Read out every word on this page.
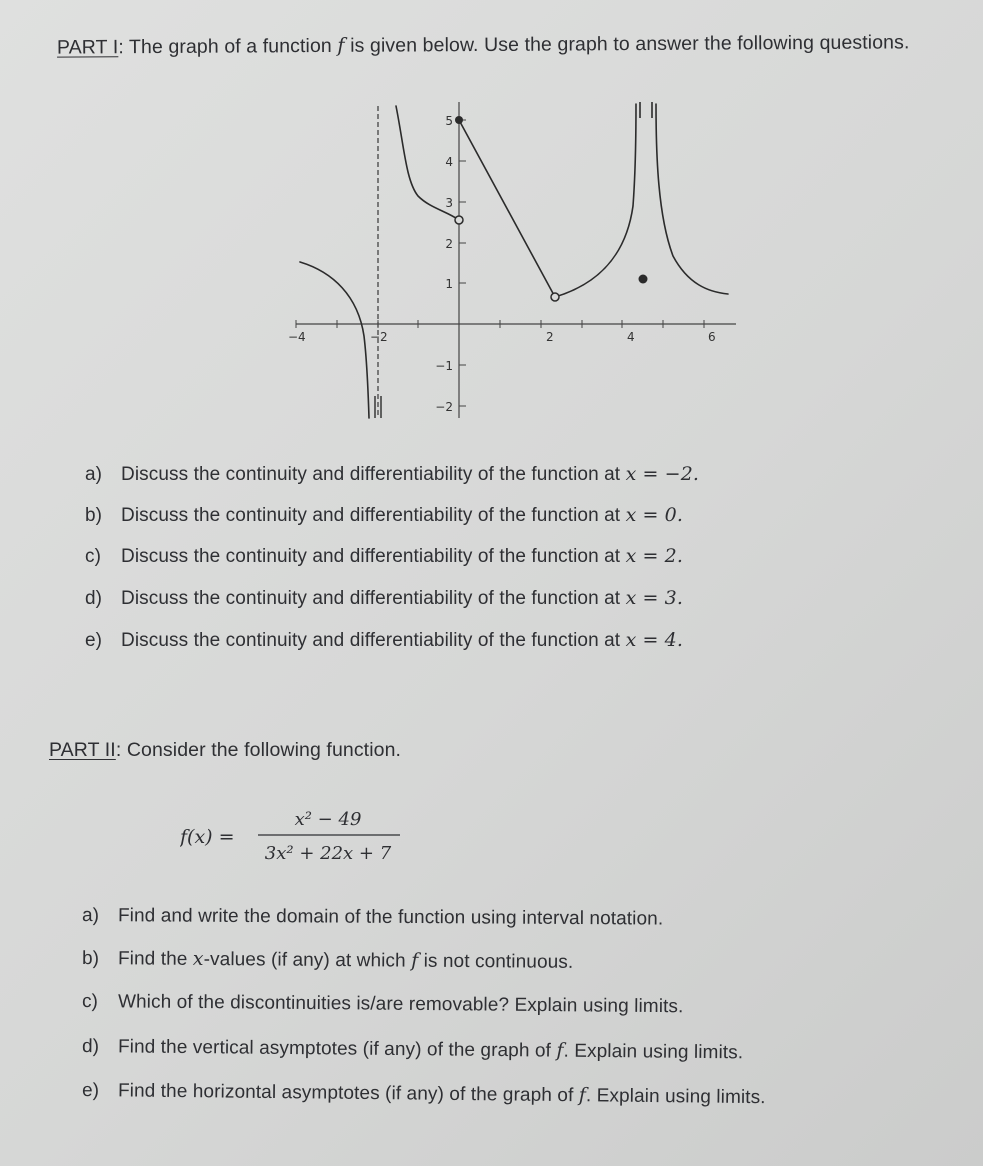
PART I: The graph of a function f is given below. Use the graph to answer the following questions.
−4	−2	2	4	6
5
4
3
2
1
−1
−2
a) Discuss the continuity and differentiability of the function at x = −2.
b) Discuss the continuity and differentiability of the function at x = 0.
c) Discuss the continuity and differentiability of the function at x = 2.
d) Discuss the continuity and differentiability of the function at x = 3.
e) Discuss the continuity and differentiability of the function at x = 4.
PART II: Consider the following function.
f(x) =
x² − 49
3x² + 22x + 7
a) Find and write the domain of the function using interval notation.
b) Find the x-values (if any) at which f is not continuous.
c) Which of the discontinuities is/are removable? Explain using limits.
d) Find the vertical asymptotes (if any) of the graph of f. Explain using limits.
e) Find the horizontal asymptotes (if any) of the graph of f. Explain using limits.
